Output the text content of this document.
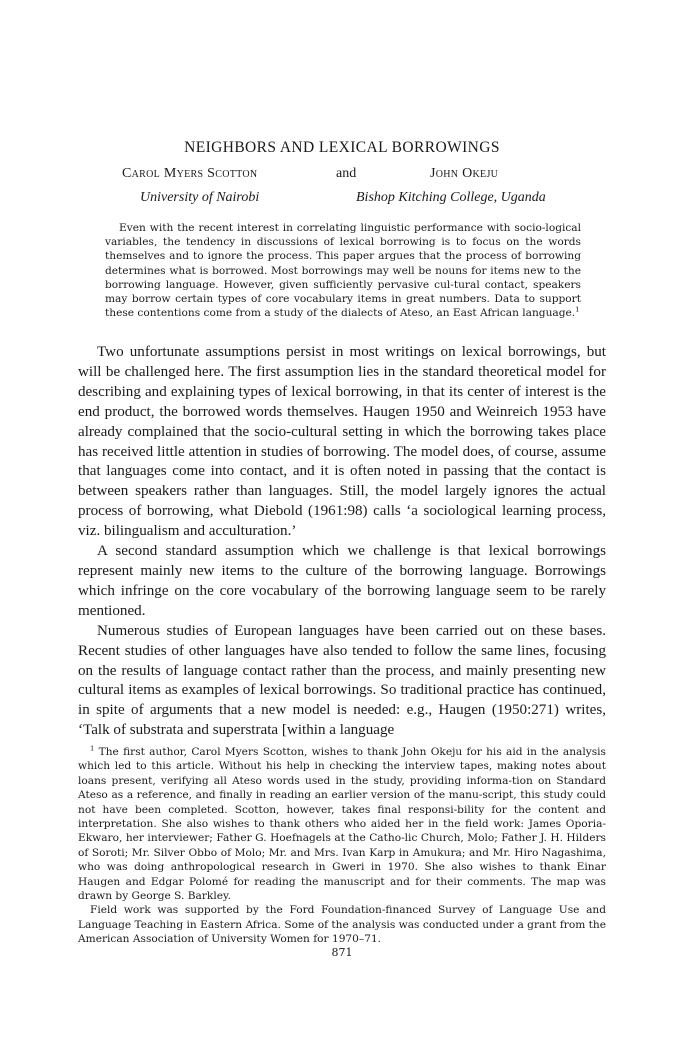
NEIGHBORS AND LEXICAL BORROWINGS
Carol Myers Scotton	and	John Okeju
University of Nairobi	Bishop Kitching College, Uganda

Even with the recent interest in correlating linguistic performance with socio-logical variables, the tendency in discussions of lexical borrowing is to focus on the words themselves and to ignore the process. This paper argues that the process of borrowing determines what is borrowed. Most borrowings may well be nouns for items new to the borrowing language. However, given sufficiently pervasive cul-tural contact, speakers may borrow certain types of core vocabulary items in great numbers. Data to support these contentions come from a study of the dialects of Ateso, an East African language.$^1$

Two unfortunate assumptions persist in most writings on lexical borrowings, but will be challenged here. The first assumption lies in the standard theoretical model for describing and explaining types of lexical borrowing, in that its center of interest is the end product, the borrowed words themselves. Haugen 1950 and Weinreich 1953 have already complained that the socio-cultural setting in which the borrowing takes place has received little attention in studies of borrowing. The model does, of course, assume that languages come into contact, and it is often noted in passing that the contact is between speakers rather than languages. Still, the model largely ignores the actual process of borrowing, what Diebold (1961:98) calls ‘a sociological learning process, viz. bilingualism and acculturation.’

A second standard assumption which we challenge is that lexical borrowings represent mainly new items to the culture of the borrowing language. Borrowings which infringe on the core vocabulary of the borrowing language seem to be rarely mentioned.

Numerous studies of European languages have been carried out on these bases. Recent studies of other languages have also tended to follow the same lines, focusing on the results of language contact rather than the process, and mainly presenting new cultural items as examples of lexical borrowings. So traditional practice has continued, in spite of arguments that a new model is needed: e.g., Haugen (1950:271) writes, ‘Talk of substrata and superstrata [within a language

$^1$ The first author, Carol Myers Scotton, wishes to thank John Okeju for his aid in the analysis which led to this article. Without his help in checking the interview tapes, making notes about loans present, verifying all Ateso words used in the study, providing informa-tion on Standard Ateso as a reference, and finally in reading an earlier version of the manu-script, this study could not have been completed. Scotton, however, takes final responsi-bility for the content and interpretation. She also wishes to thank others who aided her in the field work: James Oporia-Ekwaro, her interviewer; Father G. Hoefnagels at the Catho-lic Church, Molo; Father J. H. Hilders of Soroti; Mr. Silver Obbo of Molo; Mr. and Mrs. Ivan Karp in Amukura; and Mr. Hiro Nagashima, who was doing anthropological research in Gweri in 1970. She also wishes to thank Einar Haugen and Edgar Polomé for reading the manuscript and for their comments. The map was drawn by George S. Barkley.

Field work was supported by the Ford Foundation-financed Survey of Language Use and Language Teaching in Eastern Africa. Some of the analysis was conducted under a grant from the American Association of University Women for 1970–71.

871
